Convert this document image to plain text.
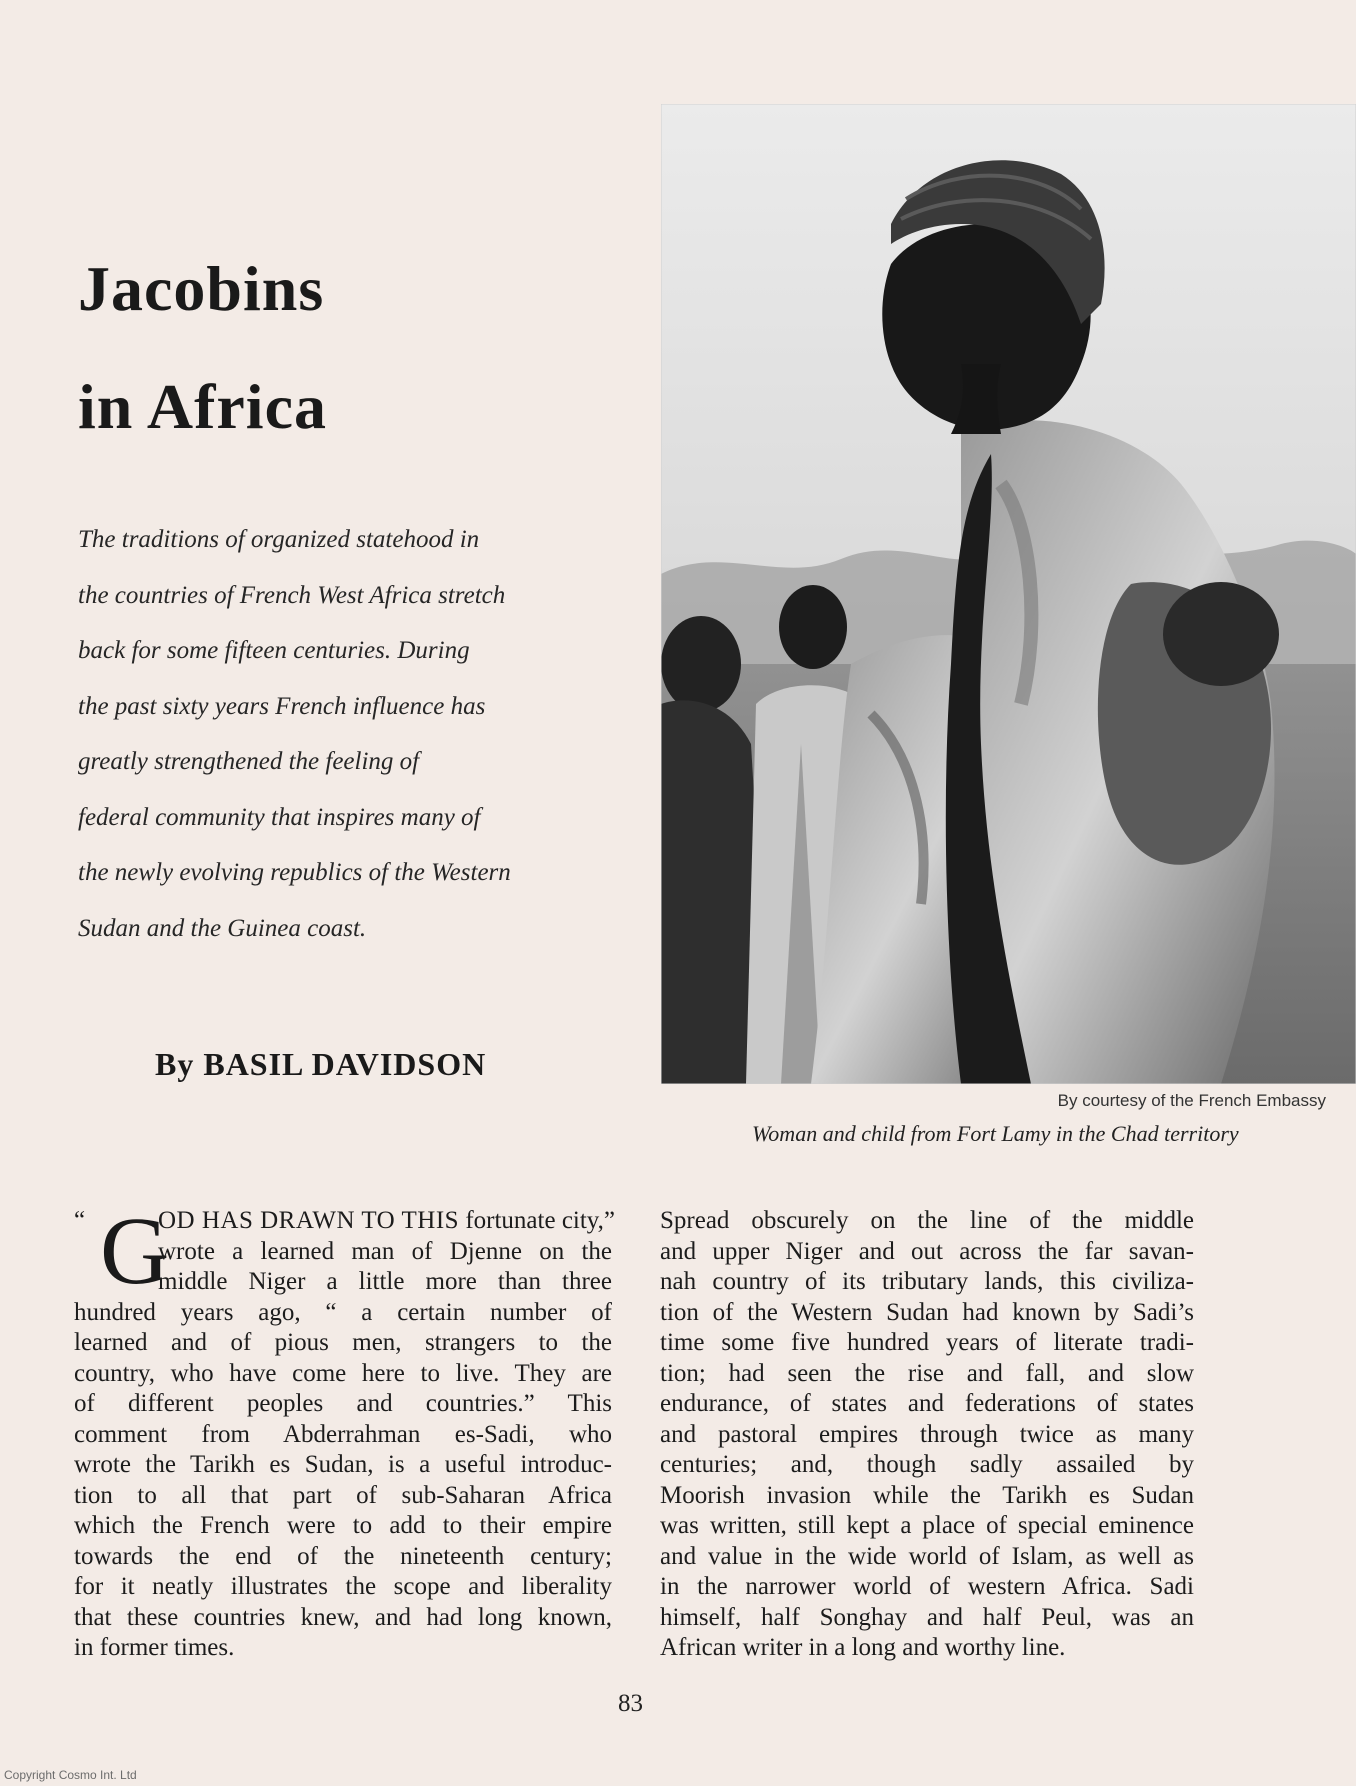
Jacobins
in Africa
The traditions of organized statehood in
the countries of French West Africa stretch
back for some fifteen centuries. During
the past sixty years French influence has
greatly strengthened the feeling of
federal community that inspires many of
the newly evolving republics of the Western
Sudan and the Guinea coast.
By BASIL DAVIDSON
By courtesy of the French Embassy
Woman and child from Fort Lamy in the Chad territory
“ G
OD HAS DRAWN TO THIS fortunate city,”
wrote a learned man of Djenne on the
middle Niger a little more than three
hundred years ago, “ a certain number of
learned and of pious men, strangers to the
country, who have come here to live. They are
of different peoples and countries.” This
comment from Abderrahman es-Sadi, who
wrote the Tarikh es Sudan, is a useful introduc-
tion to all that part of sub-Saharan Africa
which the French were to add to their empire
towards the end of the nineteenth century;
for it neatly illustrates the scope and liberality
that these countries knew, and had long known,
in former times.
Spread obscurely on the line of the middle
and upper Niger and out across the far savan-
nah country of its tributary lands, this civiliza-
tion of the Western Sudan had known by Sadi’s
time some five hundred years of literate tradi-
tion; had seen the rise and fall, and slow
endurance, of states and federations of states
and pastoral empires through twice as many
centuries; and, though sadly assailed by
Moorish invasion while the Tarikh es Sudan
was written, still kept a place of special eminence
and value in the wide world of Islam, as well as
in the narrower world of western Africa. Sadi
himself, half Songhay and half Peul, was an
African writer in a long and worthy line.
83
Copyright Cosmo Int. Ltd
